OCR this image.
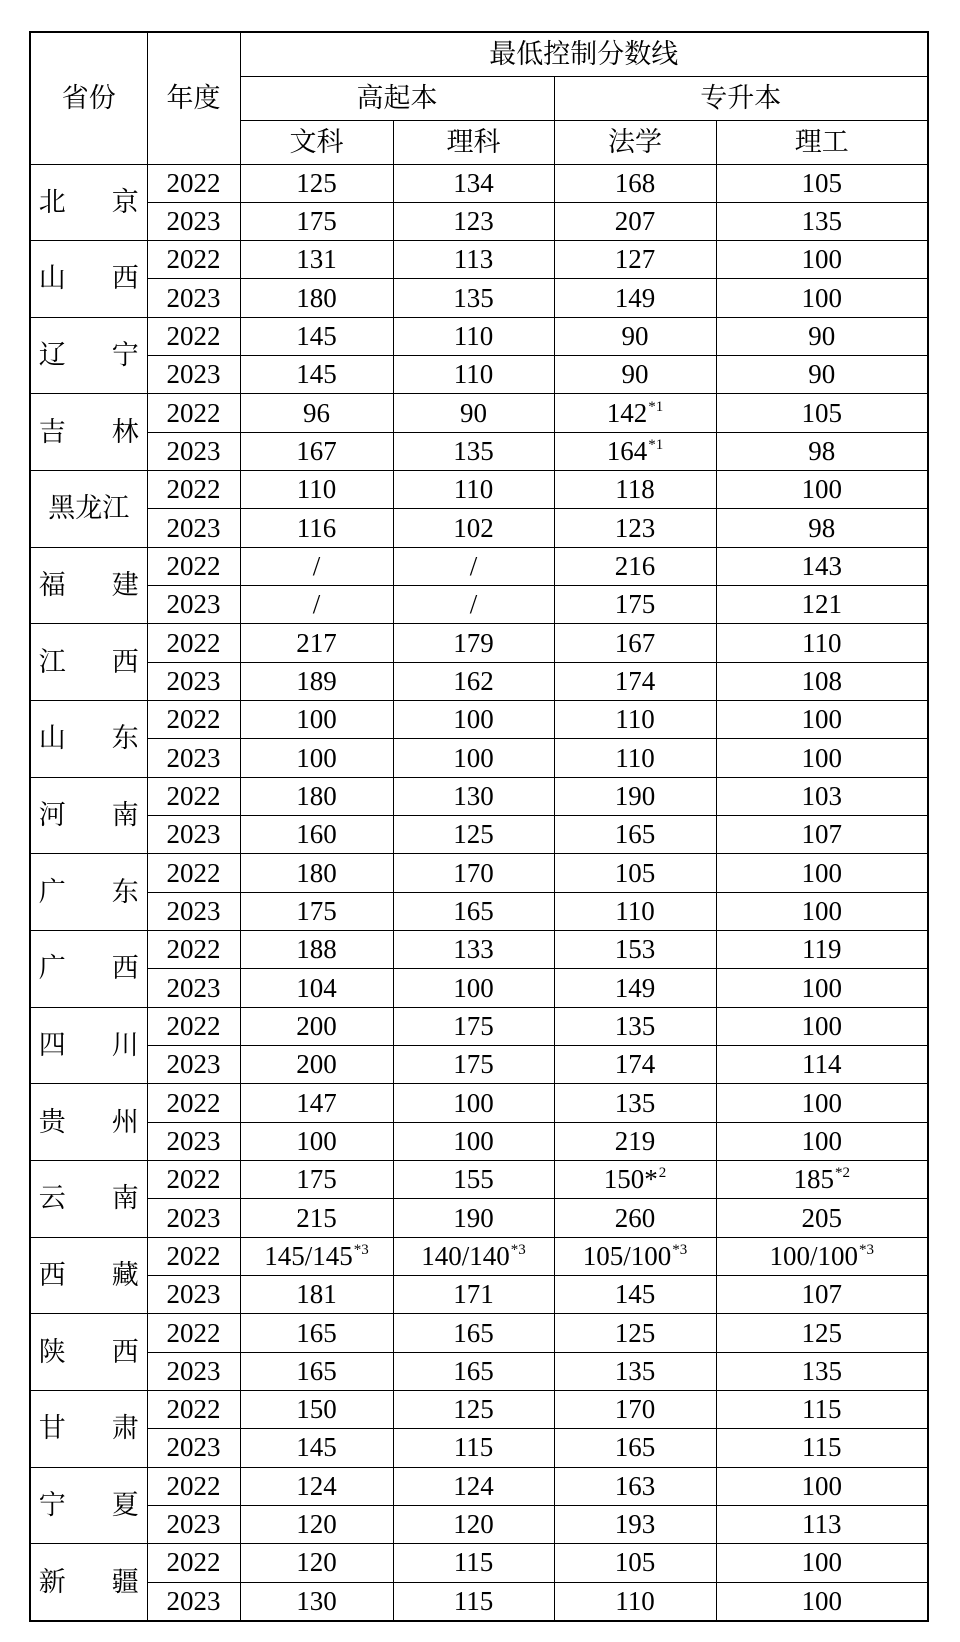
省份	年度	最低控制分数线			
		高起本		专升本	
		文科	理科	法学	理工
北 京	2022	125	134	168	105
	2023	175	123	207	135
山 西	2022	131	113	127	100
	2023	180	135	149	100
辽 宁	2022	145	110	90	90
	2023	145	110	90	90
吉 林	2022	96	90	142$^{*1}$	105
	2023	167	135	164$^{*1}$	98
黑龙江	2022	110	110	118	100
	2023	116	102	123	98
福 建	2022	/	/	216	143
	2023	/	/	175	121
江 西	2022	217	179	167	110
	2023	189	162	174	108
山 东	2022	100	100	110	100
	2023	100	100	110	100
河 南	2022	180	130	190	103
	2023	160	125	165	107
广 东	2022	180	170	105	100
	2023	175	165	110	100
广 西	2022	188	133	153	119
	2023	104	100	149	100
四 川	2022	200	175	135	100
	2023	200	175	174	114
贵 州	2022	147	100	135	100
	2023	100	100	219	100
云 南	2022	175	155	150*$^2$	185$^{*2}$
	2023	215	190	260	205
西 藏	2022	145/145$^{*3}$	140/140$^{*3}$	105/100$^{*3}$	100/100$^{*3}$
	2023	181	171	145	107
陕 西	2022	165	165	125	125
	2023	165	165	135	135
甘 肃	2022	150	125	170	115
	2023	145	115	165	115
宁 夏	2022	124	124	163	100
	2023	120	120	193	113
新 疆	2022	120	115	105	100
	2023	130	115	110	100
